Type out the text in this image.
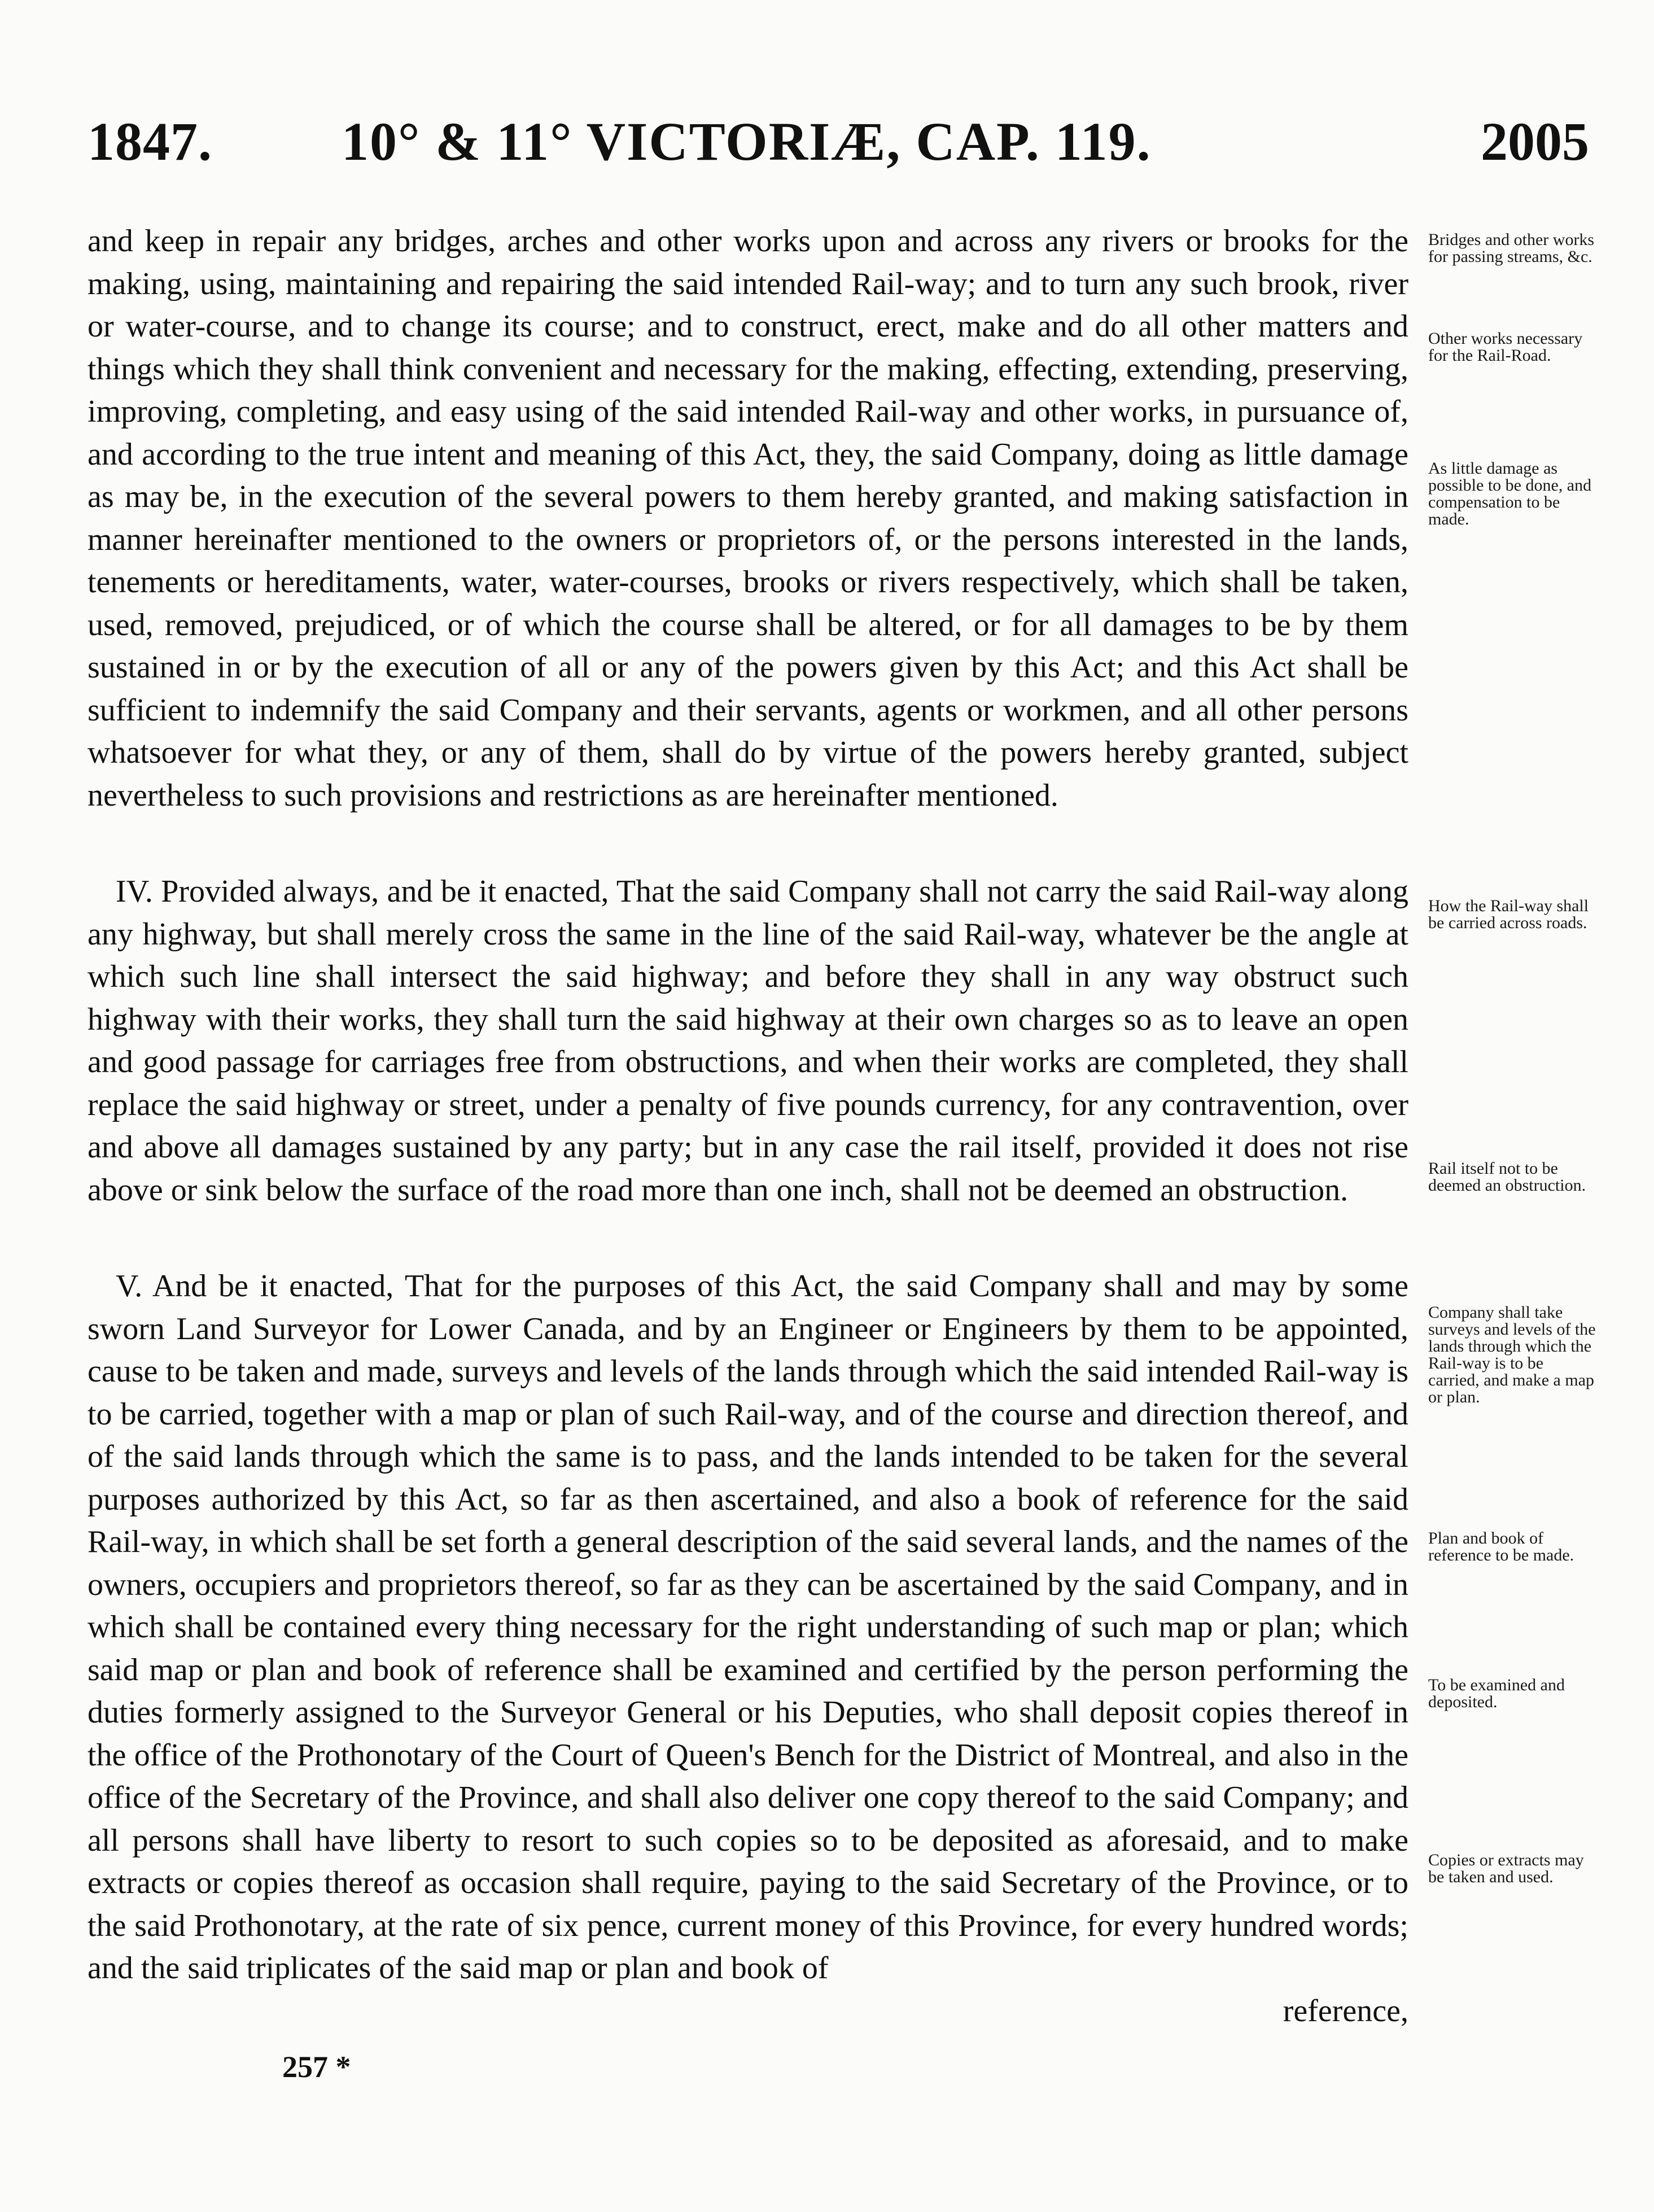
1847. 10° & 11° VICTORIÆ, CAP. 119.	2005

and keep in repair any bridges, arches and other works upon and across any rivers or brooks for the making, using, maintaining and repairing the said intended Rail-way; and to turn any such brook, river or water-course, and to change its course; and to construct, erect, make and do all other matters and things which they shall think convenient and necessary for the making, effecting, extending, preserving, improving, completing, and easy using of the said intended Rail-way and other works, in pursuance of, and according to the true intent and meaning of this Act, they, the said Company, doing as little damage as may be, in the execution of the several powers to them hereby granted, and making satisfaction in manner hereinafter mentioned to the owners or proprietors of, or the persons interested in the lands, tenements or hereditaments, water, water-courses, brooks or rivers respectively, which shall be taken, used, removed, prejudiced, or of which the course shall be altered, or for all damages to be by them sustained in or by the execution of all or any of the powers given by this Act; and this Act shall be sufficient to indemnify the said Company and their servants, agents or workmen, and all other persons whatsoever for what they, or any of them, shall do by virtue of the powers hereby granted, subject nevertheless to such provisions and restrictions as are hereinafter mentioned.

IV. Provided always, and be it enacted, That the said Company shall not carry the said Rail-way along any highway, but shall merely cross the same in the line of the said Rail-way, whatever be the angle at which such line shall intersect the said highway; and before they shall in any way obstruct such highway with their works, they shall turn the said highway at their own charges so as to leave an open and good passage for carriages free from obstructions, and when their works are completed, they shall replace the said highway or street, under a penalty of five pounds currency, for any contravention, over and above all damages sustained by any party; but in any case the rail itself, provided it does not rise above or sink below the surface of the road more than one inch, shall not be deemed an obstruction.

V. And be it enacted, That for the purposes of this Act, the said Company shall and may by some sworn Land Surveyor for Lower Canada, and by an Engineer or Engineers by them to be appointed, cause to be taken and made, surveys and levels of the lands through which the said intended Rail-way is to be carried, together with a map or plan of such Rail-way, and of the course and direction thereof, and of the said lands through which the same is to pass, and the lands intended to be taken for the several purposes authorized by this Act, so far as then ascertained, and also a book of reference for the said Rail-way, in which shall be set forth a general description of the said several lands, and the names of the owners, occupiers and proprietors thereof, so far as they can be ascertained by the said Company, and in which shall be contained every thing necessary for the right understanding of such map or plan; which said map or plan and book of reference shall be examined and certified by the person performing the duties formerly assigned to the Surveyor General or his Deputies, who shall deposit copies thereof in the office of the Prothonotary of the Court of Queen's Bench for the District of Montreal, and also in the office of the Secretary of the Province, and shall also deliver one copy thereof to the said Company; and all persons shall have liberty to resort to such copies so to be deposited as aforesaid, and to make extracts or copies thereof as occasion shall require, paying to the said Secretary of the Province, or to the said Prothonotary, at the rate of six pence, current money of this Province, for every hundred words; and the said triplicates of the said map or plan and book of

reference,

Bridges and other works for passing streams, &c.
Other works necessary for the Rail-Road.
As little damage as possible to be done, and compensation to be made.
How the Rail-way shall be carried across roads.
Rail itself not to be deemed an obstruction.
Company shall take surveys and levels of the lands through which the Rail-way is to be carried, and make a map or plan.
Plan and book of reference to be made.
To be examined and deposited.
Copies or extracts may be taken and used.
257 *
